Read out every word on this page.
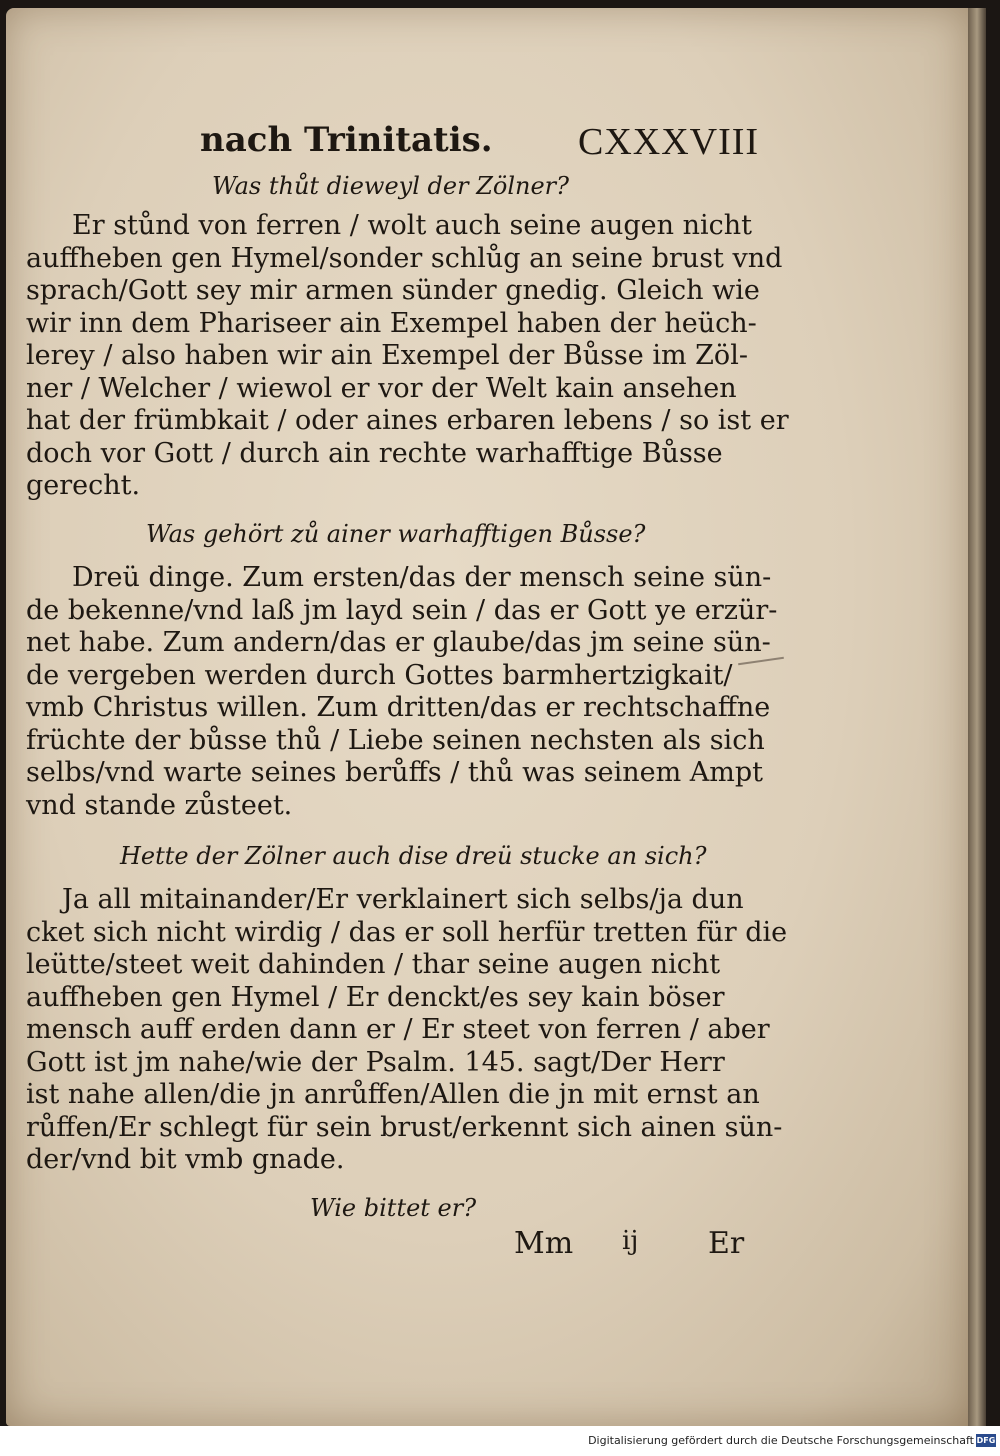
nach Trinitatis. CXXXVIII
Was thůt dieweyl der Zölner?
Er stůnd von ferren / wolt auch seine augen nicht
auffheben gen Hymel/sonder schlůg an seine brust vnd
sprach/Gott sey mir armen sünder gnedig. Gleich wie
wir inn dem Phariseer ain Exempel haben der heüch-
lerey / also haben wir ain Exempel der Bůsse im Zöl-
ner / Welcher / wiewol er vor der Welt kain ansehen
hat der frümbkait / oder aines erbaren lebens / so ist er
doch vor Gott / durch ain rechte warhafftige Bůsse
gerecht.
Was gehört zů ainer warhafftigen Bůsse?
Dreü dinge. Zum ersten/das der mensch seine sün-
de bekenne/vnd laß jm layd sein / das er Gott ye erzür-
net habe. Zum andern/das er glaube/das jm seine sün-
de vergeben werden durch Gottes barmhertzigkait/
vmb Christus willen. Zum dritten/das er rechtschaffne
früchte der bůsse thů / Liebe seinen nechsten als sich
selbs/vnd warte seines berůffs / thů was seinem Ampt
vnd stande zůsteet.
Hette der Zölner auch dise dreü stucke an sich?
Ja all mitainander/Er verklainert sich selbs/ja dun
cket sich nicht wirdig / das er soll herfür tretten für die
leütte/steet weit dahinden / thar seine augen nicht
auffheben gen Hymel / Er denckt/es sey kain böser
mensch auff erden dann er / Er steet von ferren / aber
Gott ist jm nahe/wie der Psalm. 145. sagt/Der Herr
ist nahe allen/die jn anrůffen/Allen die jn mit ernst an
růffen/Er schlegt für sein brust/erkennt sich ainen sün-
der/vnd bit vmb gnade.
Wie bittet er?
Mm ij Er
Digitalisierung gefördert durch die Deutsche Forschungsgemeinschaft DFG
